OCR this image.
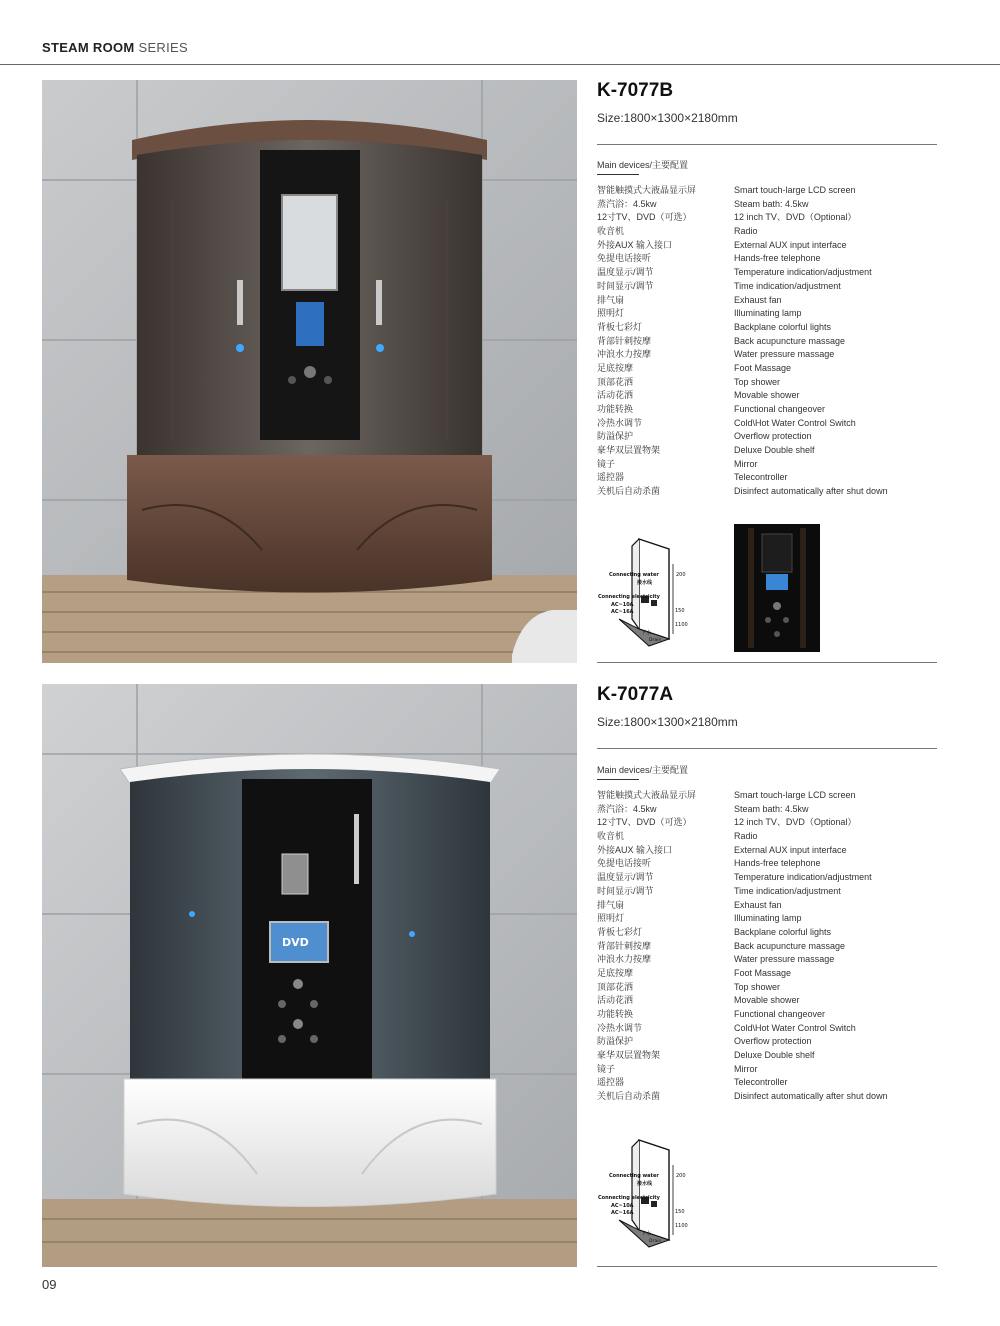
STEAM ROOM SERIES
K-7077B
Size:1800×1300×2180mm
Main devices/主要配置
智能触摸式大液晶显示屏	Smart touch-large LCD screen
蒸汽浴：4.5kw	Steam bath: 4.5kw
12寸TV、DVD（可选）	12 inch TV、DVD（Optional）
收音机	Radio
外接AUX 输入接口	External AUX input interface
免提电话接听	Hands-free telephone
温度显示/调节	Temperature indication/adjustment
时间显示/调节	Time indication/adjustment
排气扇	Exhaust fan
照明灯	Illuminating lamp
背板七彩灯	Backplane colorful lights
背部针刺按摩	Back acupuncture massage
冲浪水力按摩	Water pressure massage
足底按摩	Foot Massage
顶部花洒	Top shower
活动花洒	Movable shower
功能转换	Functional changeover
冷热水调节	Cold\Hot Water Control Switch
防溢保护	Overflow protection
豪华双层置物架	Deluxe Double shelf
镜子	Mirror
遥控器	Telecontroller
关机后自动杀菌	Disinfect automatically after shut down
Connecting water
接水线
Connecting electricity
AC~10A
AC~16A
200
1100
150
下水
Drain
DVD
K-7077A
Size:1800×1300×2180mm
Main devices/主要配置
智能触摸式大液晶显示屏	Smart touch-large LCD screen
蒸汽浴：4.5kw	Steam bath: 4.5kw
12寸TV、DVD（可选）	12 inch TV、DVD（Optional）
收音机	Radio
外接AUX 输入接口	External AUX input interface
免提电话接听	Hands-free telephone
温度显示/调节	Temperature indication/adjustment
时间显示/调节	Time indication/adjustment
排气扇	Exhaust fan
照明灯	Illuminating lamp
背板七彩灯	Backplane colorful lights
背部针刺按摩	Back acupuncture massage
冲浪水力按摩	Water pressure massage
足底按摩	Foot Massage
顶部花洒	Top shower
活动花洒	Movable shower
功能转换	Functional changeover
冷热水调节	Cold\Hot Water Control Switch
防溢保护	Overflow protection
豪华双层置物架	Deluxe Double shelf
镜子	Mirror
遥控器	Telecontroller
关机后自动杀菌	Disinfect automatically after shut down
Connecting water
接水线
Connecting electricity
AC~10A
AC~16A
200
1100
150
下水
Drain
09
